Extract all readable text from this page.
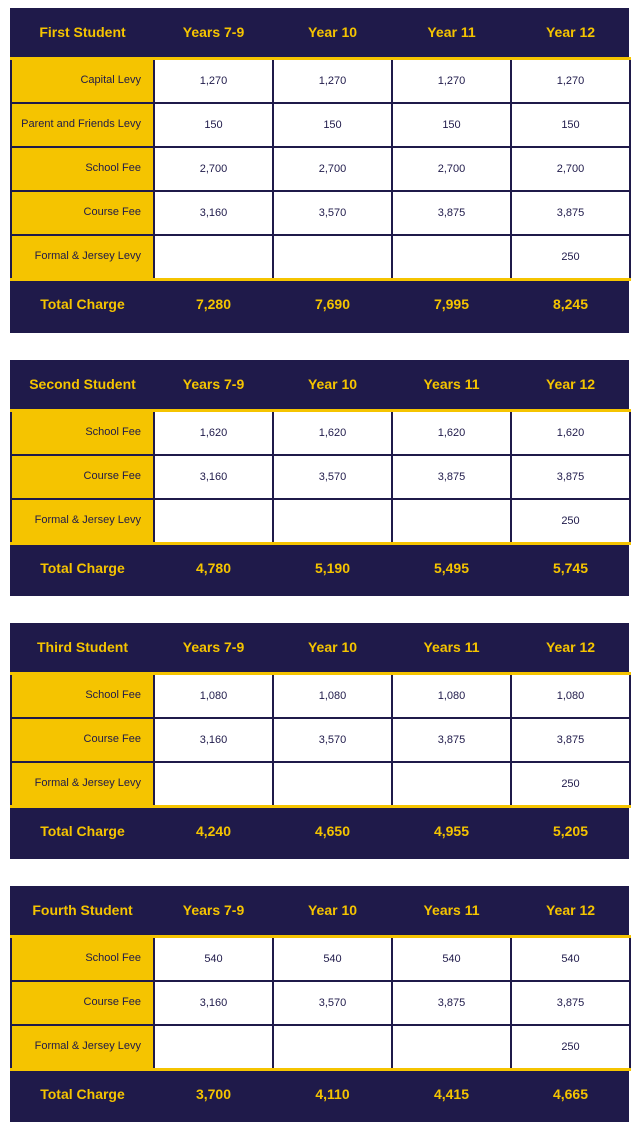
First Student	Years 7-9	Year 10	Year 11	Year 12
Capital Levy	1,270	1,270	1,270	1,270
Parent and Friends Levy	150	150	150	150
School Fee	2,700	2,700	2,700	2,700
Course Fee	3,160	3,570	3,875	3,875
Formal & Jersey Levy				250
Total Charge	7,280	7,690	7,995	8,245
Second Student	Years 7-9	Year 10	Years 11	Year 12
School Fee	1,620	1,620	1,620	1,620
Course Fee	3,160	3,570	3,875	3,875
Formal & Jersey Levy				250
Total Charge	4,780	5,190	5,495	5,745
Third Student	Years 7-9	Year 10	Years 11	Year 12
School Fee	1,080	1,080	1,080	1,080
Course Fee	3,160	3,570	3,875	3,875
Formal & Jersey Levy				250
Total Charge	4,240	4,650	4,955	5,205
Fourth Student	Years 7-9	Year 10	Years 11	Year 12
School Fee	540	540	540	540
Course Fee	3,160	3,570	3,875	3,875
Formal & Jersey Levy				250
Total Charge	3,700	4,110	4,415	4,665
